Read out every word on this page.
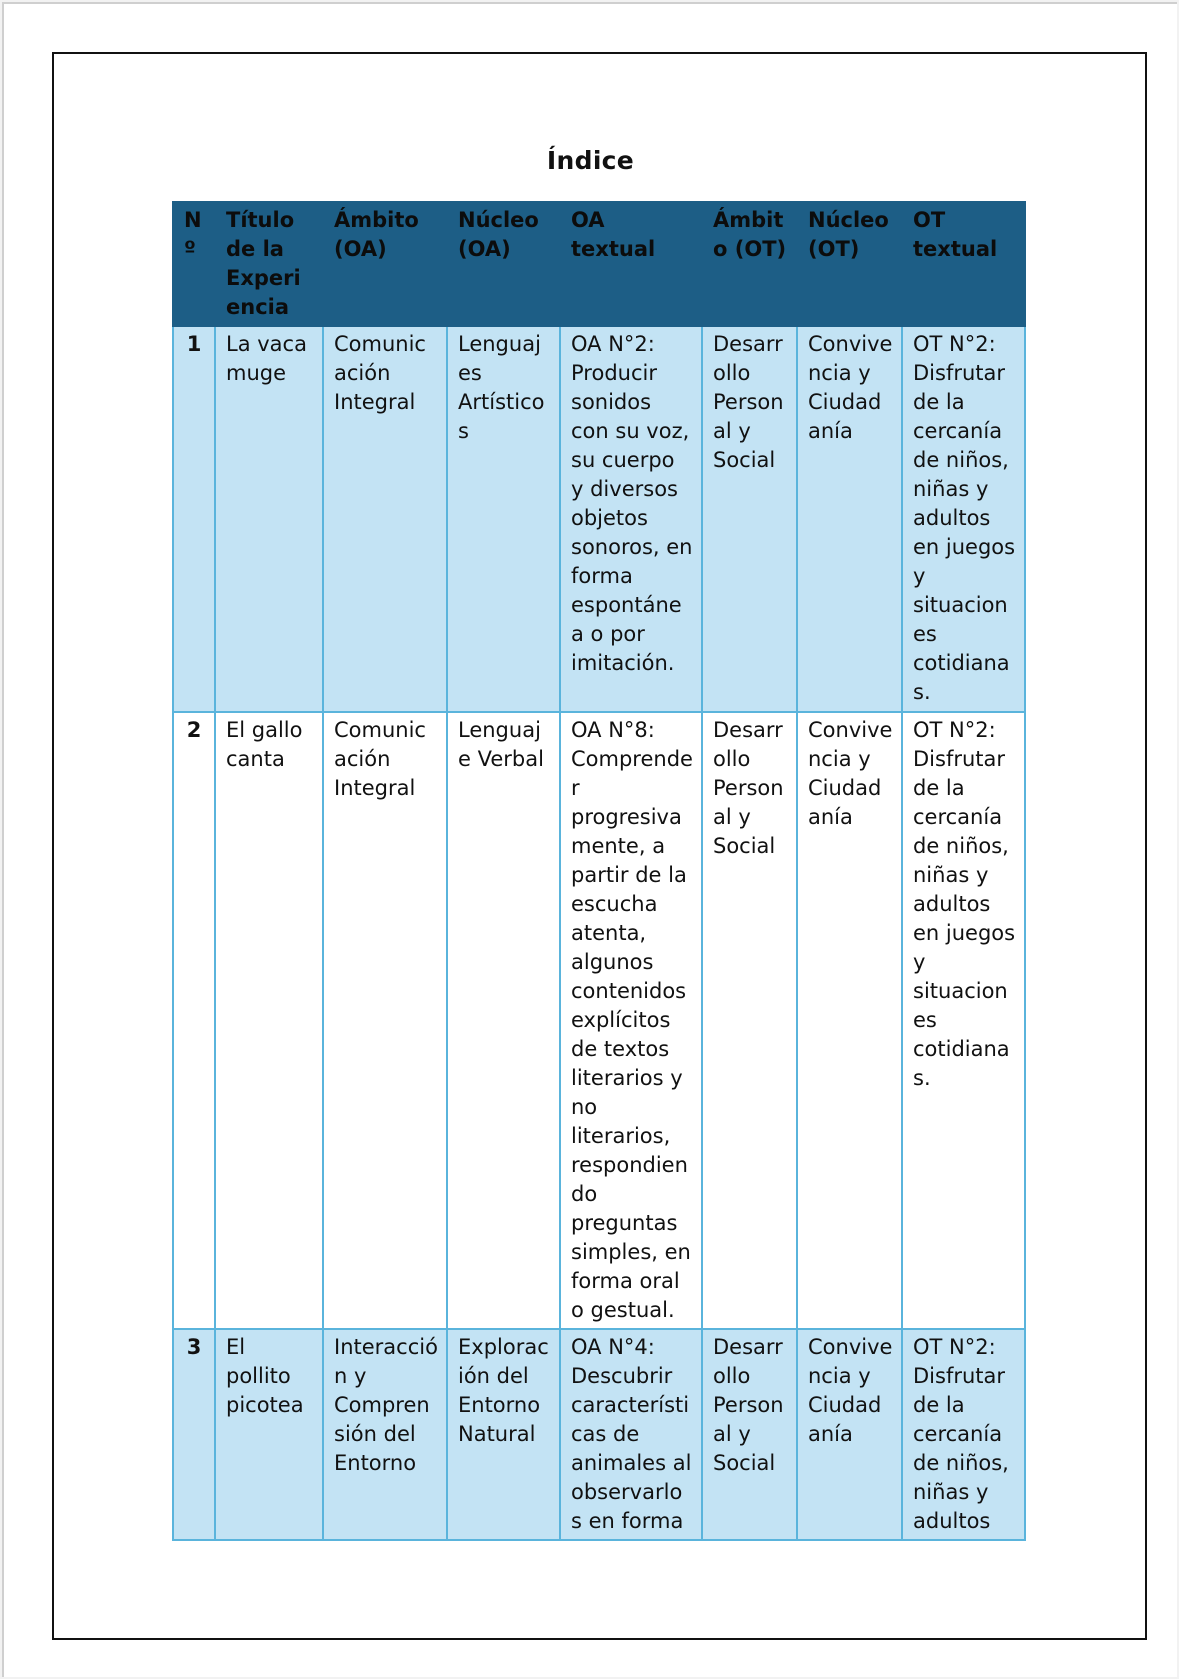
Índice
Nº	Título de la Experiencia	Ámbito (OA)	Núcleo (OA)	OA textual	Ámbito (OT)	Núcleo (OT)	OT textual
1	La vaca muge	Comunicación Integral	Lenguajes Artísticos	OA N°2: Producir sonidos con su voz, su cuerpo y diversos objetos sonoros, en forma espontánea o por imitación.	Desarrollo Personal y Social	Convivencia y Ciudadanía	OT N°2: Disfrutar de la cercanía de niños, niñas y adultos en juegos y situaciones cotidianas.
2	El gallo canta	Comunicación Integral	Lenguaje Verbal	OA N°8: Comprender progresivamente, a partir de la escucha atenta, algunos contenidos explícitos de textos literarios y no literarios, respondiendo preguntas simples, en forma oral o gestual.	Desarrollo Personal y Social	Convivencia y Ciudadanía	OT N°2: Disfrutar de la cercanía de niños, niñas y adultos en juegos y situaciones cotidianas.
3	El pollito picotea	Interacción y Comprensión del Entorno	Exploración del Entorno Natural	OA N°4: Descubrir características de animales al observarlos en forma	Desarrollo Personal y Social	Convivencia y Ciudadanía	OT N°2: Disfrutar de la cercanía de niños, niñas y adultos
